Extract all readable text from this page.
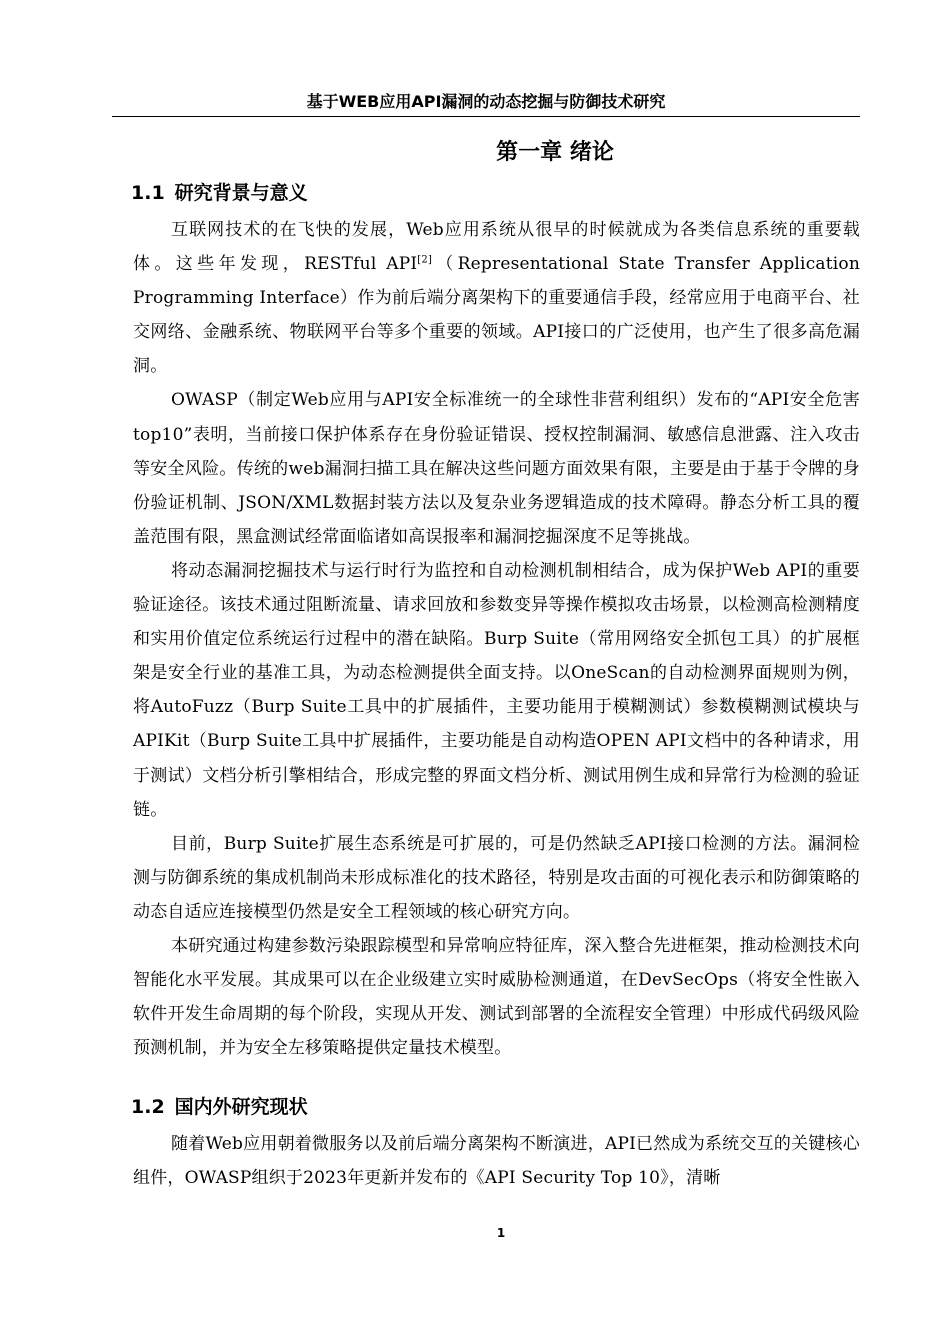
基于WEB应用API漏洞的动态挖掘与防御技术研究
第一章 绪论
1.1 研究背景与意义

互联网技术的在飞快的发展，Web应用系统从很早的时候就成为各类信息系统的重要载体。这些年发现，RESTful API[2]（Representational State Transfer Application Programming Interface）作为前后端分离架构下的重要通信手段，经常应用于电商平台、社交网络、金融系统、物联网平台等多个重要的领域。API接口的广泛使用，也产生了很多高危漏洞。

OWASP（制定Web应用与API安全标准统一的全球性非营利组织）发布的“API安全危害top10”表明，当前接口保护体系存在身份验证错误、授权控制漏洞、敏感信息泄露、注入攻击等安全风险。传统的web漏洞扫描工具在解决这些问题方面效果有限，主要是由于基于令牌的身份验证机制、JSON/XML数据封装方法以及复杂业务逻辑造成的技术障碍。静态分析工具的覆盖范围有限，黑盒测试经常面临诸如高误报率和漏洞挖掘深度不足等挑战。

将动态漏洞挖掘技术与运行时行为监控和自动检测机制相结合，成为保护Web API的重要验证途径。该技术通过阻断流量、请求回放和参数变异等操作模拟攻击场景，以检测高检测精度和实用价值定位系统运行过程中的潜在缺陷。Burp Suite（常用网络安全抓包工具）的扩展框架是安全行业的基准工具，为动态检测提供全面支持。以OneScan的自动检测界面规则为例，将AutoFuzz（Burp Suite工具中的扩展插件，主要功能用于模糊测试）参数模糊测试模块与APIKit（Burp Suite工具中扩展插件，主要功能是自动构造OPEN API文档中的各种请求，用于测试）文档分析引擎相结合，形成完整的界面文档分析、测试用例生成和异常行为检测的验证链。

目前，Burp Suite扩展生态系统是可扩展的，可是仍然缺乏API接口检测的方法。漏洞检测与防御系统的集成机制尚未形成标准化的技术路径，特别是攻击面的可视化表示和防御策略的动态自适应连接模型仍然是安全工程领域的核心研究方向。

本研究通过构建参数污染跟踪模型和异常响应特征库，深入整合先进框架，推动检测技术向智能化水平发展。其成果可以在企业级建立实时威胁检测通道，在DevSecOps（将安全性嵌入软件开发生命周期的每个阶段，实现从开发、测试到部署的全流程安全管理）中形成代码级风险预测机制，并为安全左移策略提供定量技术模型。

1.2 国内外研究现状

随着Web应用朝着微服务以及前后端分离架构不断演进，API已然成为系统交互的关键核心组件，OWASP组织于2023年更新并发布的《API Security Top 10》，清晰

1
